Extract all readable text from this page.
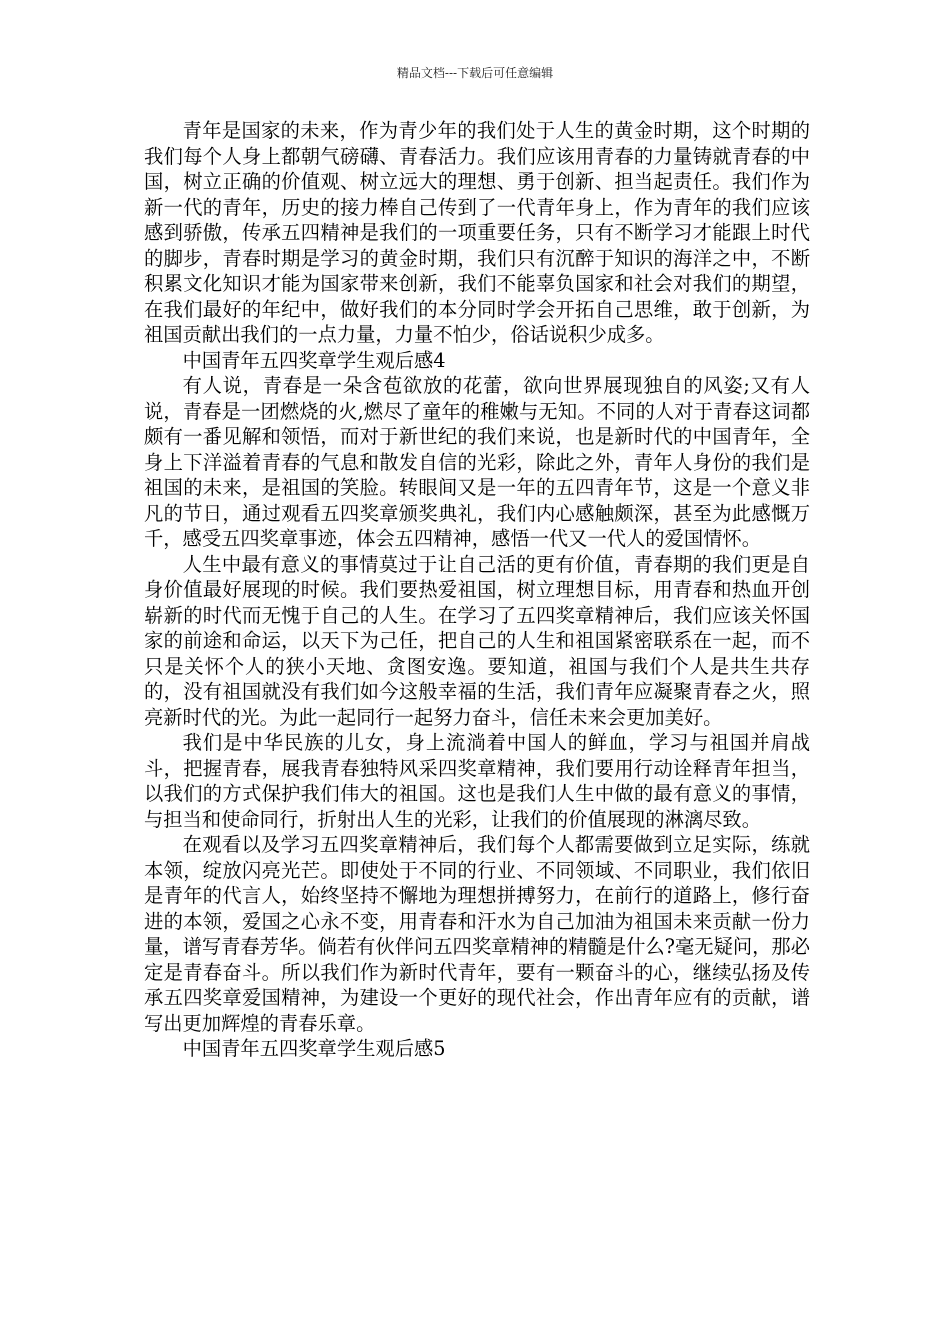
精品文档---下载后可任意编辑

青年是国家的未来，作为青少年的我们处于人生的黄金时期，这个时期的我们每个人身上都朝气磅礴、青春活力。我们应该用青春的力量铸就青春的中国，树立正确的价值观、树立远大的理想、勇于创新、担当起责任。我们作为新一代的青年，历史的接力棒自己传到了一代青年身上，作为青年的我们应该感到骄傲，传承五四精神是我们的一项重要任务，只有不断学习才能跟上时代的脚步，青春时期是学习的黄金时期，我们只有沉醉于知识的海洋之中，不断积累文化知识才能为国家带来创新，我们不能辜负国家和社会对我们的期望，在我们最好的年纪中，做好我们的本分同时学会开拓自己思维，敢于创新，为祖国贡献出我们的一点力量，力量不怕少，俗话说积少成多。

中国青年五四奖章学生观后感4

有人说，青春是一朵含苞欲放的花蕾，欲向世界展现独自的风姿;又有人说，青春是一团燃烧的火,燃尽了童年的稚嫩与无知。不同的人对于青春这词都颇有一番见解和领悟，而对于新世纪的我们来说，也是新时代的中国青年，全身上下洋溢着青春的气息和散发自信的光彩，除此之外，青年人身份的我们是祖国的未来，是祖国的笑脸。转眼间又是一年的五四青年节，这是一个意义非凡的节日，通过观看五四奖章颁奖典礼，我们内心感触颇深，甚至为此感慨万千，感受五四奖章事迹，体会五四精神，感悟一代又一代人的爱国情怀。

人生中最有意义的事情莫过于让自己活的更有价值，青春期的我们更是自身价值最好展现的时候。我们要热爱祖国，树立理想目标，用青春和热血开创崭新的时代而无愧于自己的人生。在学习了五四奖章精神后，我们应该关怀国家的前途和命运，以天下为己任，把自己的人生和祖国紧密联系在一起，而不只是关怀个人的狭小天地、贪图安逸。要知道，祖国与我们个人是共生共存的，没有祖国就没有我们如今这般幸福的生活，我们青年应凝聚青春之火，照亮新时代的光。为此一起同行一起努力奋斗，信任未来会更加美好。

我们是中华民族的儿女，身上流淌着中国人的鲜血，学习与祖国并肩战斗，把握青春，展我青春独特风采四奖章精神，我们要用行动诠释青年担当，以我们的方式保护我们伟大的祖国。这也是我们人生中做的最有意义的事情，与担当和使命同行，折射出人生的光彩，让我们的价值展现的淋漓尽致。

在观看以及学习五四奖章精神后，我们每个人都需要做到立足实际，练就本领，绽放闪亮光芒。即使处于不同的行业、不同领域、不同职业，我们依旧是青年的代言人，始终坚持不懈地为理想拼搏努力，在前行的道路上，修行奋进的本领，爱国之心永不变，用青春和汗水为自己加油为祖国未来贡献一份力量，谱写青春芳华。倘若有伙伴问五四奖章精神的精髓是什么?毫无疑问，那必定是青春奋斗。所以我们作为新时代青年，要有一颗奋斗的心，继续弘扬及传承五四奖章爱国精神，为建设一个更好的现代社会，作出青年应有的贡献，谱写出更加辉煌的青春乐章。

中国青年五四奖章学生观后感5
